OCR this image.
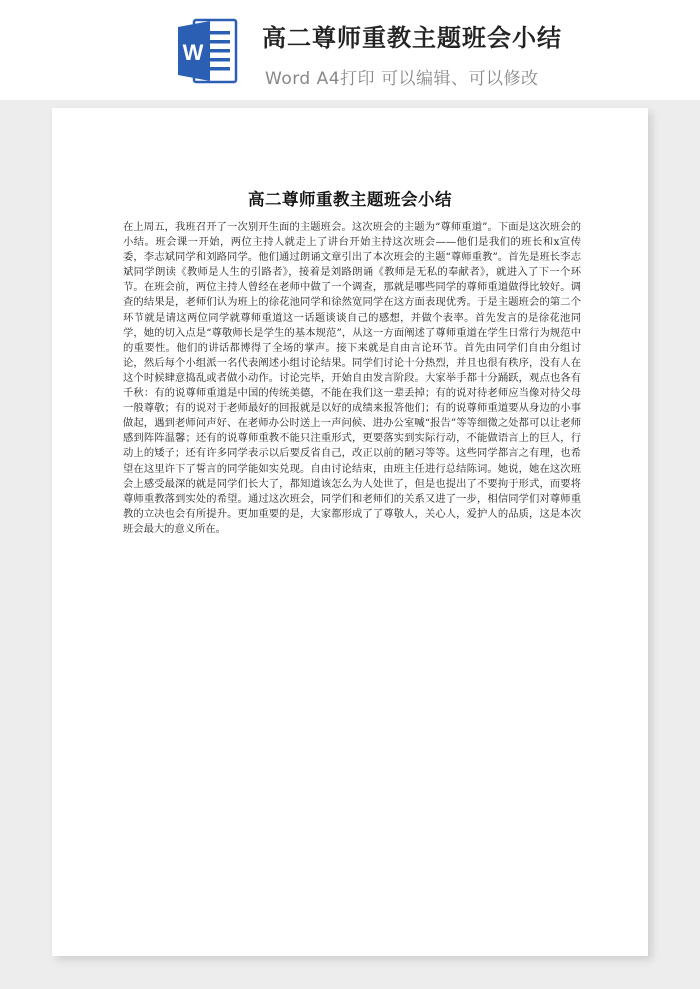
W
高二尊师重教主题班会小结
Word A4打印 可以编辑、可以修改
高二尊师重教主题班会小结

在上周五，我班召开了一次别开生面的主题班会。这次班会的主题为“尊师重道”。下面是这次班会的小结。班会课一开始，两位主持人就走上了讲台开始主持这次班会——他们是我们的班长和x宣传委，李志斌同学和刘路同学。他们通过朗诵文章引出了本次班会的主题“尊师重教”。首先是班长李志斌同学朗读《教师是人生的引路者》，接着是刘路朗诵《教师是无私的奉献者》，就进入了下一个环节。在班会前，两位主持人曾经在老师中做了一个调查，那就是哪些同学的尊师重道做得比较好。调查的结果是，老师们认为班上的徐花池同学和徐然宽同学在这方面表现优秀。于是主题班会的第二个环节就是请这两位同学就尊师重道这一话题谈谈自己的感想，并做个表率。首先发言的是徐花池同学，她的切入点是“尊敬师长是学生的基本规范”，从这一方面阐述了尊师重道在学生日常行为规范中的重要性。他们的讲话都博得了全场的掌声。接下来就是自由言论环节。首先由同学们自由分组讨论，然后每个小组派一名代表阐述小组讨论结果。同学们讨论十分热烈，并且也很有秩序，没有人在这个时候肆意捣乱或者做小动作。讨论完毕，开始自由发言阶段。大家举手都十分踊跃，观点也各有千秋：有的说尊师重道是中国的传统美德，不能在我们这一辈丢掉；有的说对待老师应当像对待父母一般尊敬；有的说对于老师最好的回报就是以好的成绩来报答他们；有的说尊师重道要从身边的小事做起，遇到老师问声好、在老师办公时送上一声问候、进办公室喊“报告”等等细微之处都可以让老师感到阵阵温馨；还有的说尊师重教不能只注重形式，更要落实到实际行动，不能做语言上的巨人，行动上的矮子；还有许多同学表示以后要反省自己，改正以前的陋习等等。这些同学都言之有理，也希望在这里许下了誓言的同学能如实兑现。自由讨论结束，由班主任进行总结陈词。她说，她在这次班会上感受最深的就是同学们长大了，都知道该怎么为人处世了，但是也提出了不要拘于形式，而要将尊师重教落到实处的希望。通过这次班会，同学们和老师们的关系又进了一步，相信同学们对尊师重教的立决也会有所提升。更加重要的是，大家都形成了了尊敬人，关心人，爱护人的品质，这是本次班会最大的意义所在。
